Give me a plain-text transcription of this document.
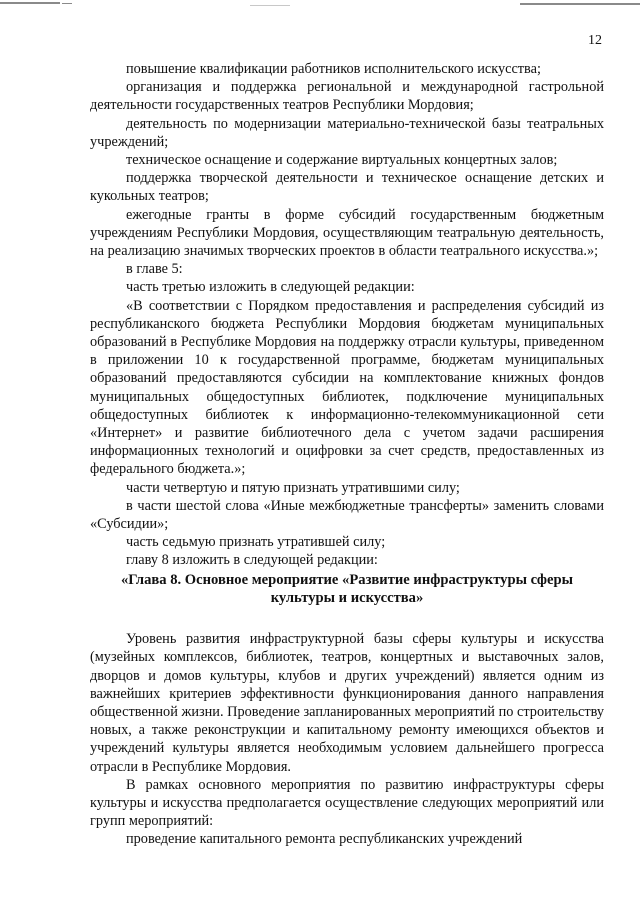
12

повышение квалификации работников исполнительского искусства;

организация и поддержка региональной и международной гастрольной деятельности государственных театров Республики Мордовия;

деятельность по модернизации материально-технической базы театральных учреждений;

техническое оснащение и содержание виртуальных концертных залов;

поддержка творческой деятельности и техническое оснащение детских и кукольных театров;

ежегодные гранты в форме субсидий государственным бюджетным учреждениям Республики Мордовия, осуществляющим театральную деятельность, на реализацию значимых творческих проектов в области театрального искусства.»;

в главе 5:

часть третью изложить в следующей редакции:

«В соответствии с Порядком предоставления и распределения субсидий из республиканского бюджета Республики Мордовия бюджетам муниципальных образований в Республике Мордовия на поддержку отрасли культуры, приведенном в приложении 10 к государственной программе, бюджетам муниципальных образований предоставляются субсидии на комплектование книжных фондов муниципальных общедоступных библиотек, подключение муниципальных общедоступных библиотек к информационно-телекоммуникационной сети «Интернет» и развитие библиотечного дела с учетом задачи расширения информационных технологий и оцифровки за счет средств, предоставленных из федерального бюджета.»;

части четвертую и пятую признать утратившими силу;

в части шестой слова «Иные межбюджетные трансферты» заменить словами «Субсидии»;

часть седьмую признать утратившей силу;

главу 8 изложить в следующей редакции:

«Глава 8. Основное мероприятие «Развитие инфраструктуры сферы культуры и искусства»

Уровень развития инфраструктурной базы сферы культуры и искусства (музейных комплексов, библиотек, театров, концертных и выставочных залов, дворцов и домов культуры, клубов и других учреждений) является одним из важнейших критериев эффективности функционирования данного направления общественной жизни. Проведение запланированных мероприятий по строительству новых, а также реконструкции и капитальному ремонту имеющихся объектов и учреждений культуры является необходимым условием дальнейшего прогресса отрасли в Республике Мордовия.

В рамках основного мероприятия по развитию инфраструктуры сферы культуры и искусства предполагается осуществление следующих мероприятий или групп мероприятий:

проведение капитального ремонта республиканских учреждений
